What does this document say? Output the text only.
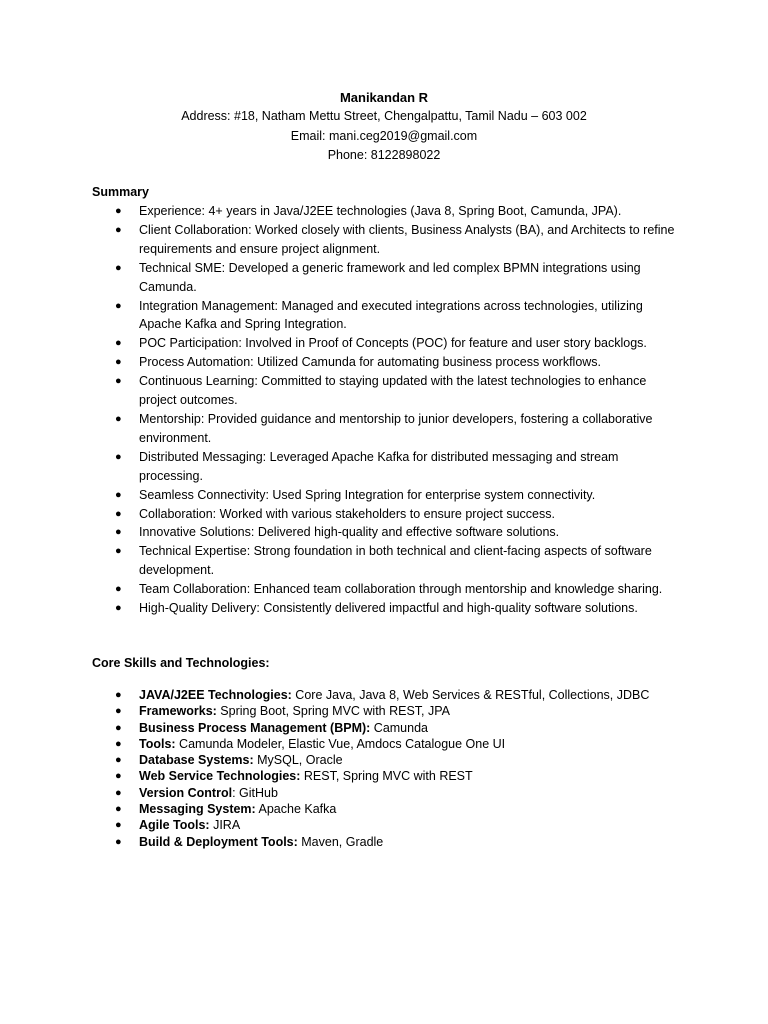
Manikandan R
Address: #18, Natham Mettu Street, Chengalpattu, Tamil Nadu – 603 002
Email: mani.ceg2019@gmail.com
Phone: 8122898022
Summary
● Experience: 4+ years in Java/J2EE technologies (Java 8, Spring Boot, Camunda, JPA).
● Client Collaboration: Worked closely with clients, Business Analysts (BA), and Architects to refine requirements and ensure project alignment.
● Technical SME: Developed a generic framework and led complex BPMN integrations using Camunda.
● Integration Management: Managed and executed integrations across technologies, utilizing Apache Kafka and Spring Integration.
● POC Participation: Involved in Proof of Concepts (POC) for feature and user story backlogs.
● Process Automation: Utilized Camunda for automating business process workflows.
● Continuous Learning: Committed to staying updated with the latest technologies to enhance project outcomes.
● Mentorship: Provided guidance and mentorship to junior developers, fostering a collaborative environment.
● Distributed Messaging: Leveraged Apache Kafka for distributed messaging and stream processing.
● Seamless Connectivity: Used Spring Integration for enterprise system connectivity.
● Collaboration: Worked with various stakeholders to ensure project success.
● Innovative Solutions: Delivered high-quality and effective software solutions.
● Technical Expertise: Strong foundation in both technical and client-facing aspects of software development.
● Team Collaboration: Enhanced team collaboration through mentorship and knowledge sharing.
● High-Quality Delivery: Consistently delivered impactful and high-quality software solutions.
Core Skills and Technologies:
● JAVA/J2EE Technologies: Core Java, Java 8, Web Services & RESTful, Collections, JDBC
● Frameworks: Spring Boot, Spring MVC with REST, JPA
● Business Process Management (BPM): Camunda
● Tools: Camunda Modeler, Elastic Vue, Amdocs Catalogue One UI
● Database Systems: MySQL, Oracle
● Web Service Technologies: REST, Spring MVC with REST
● Version Control: GitHub
● Messaging System: Apache Kafka
● Agile Tools: JIRA
● Build & Deployment Tools: Maven, Gradle
